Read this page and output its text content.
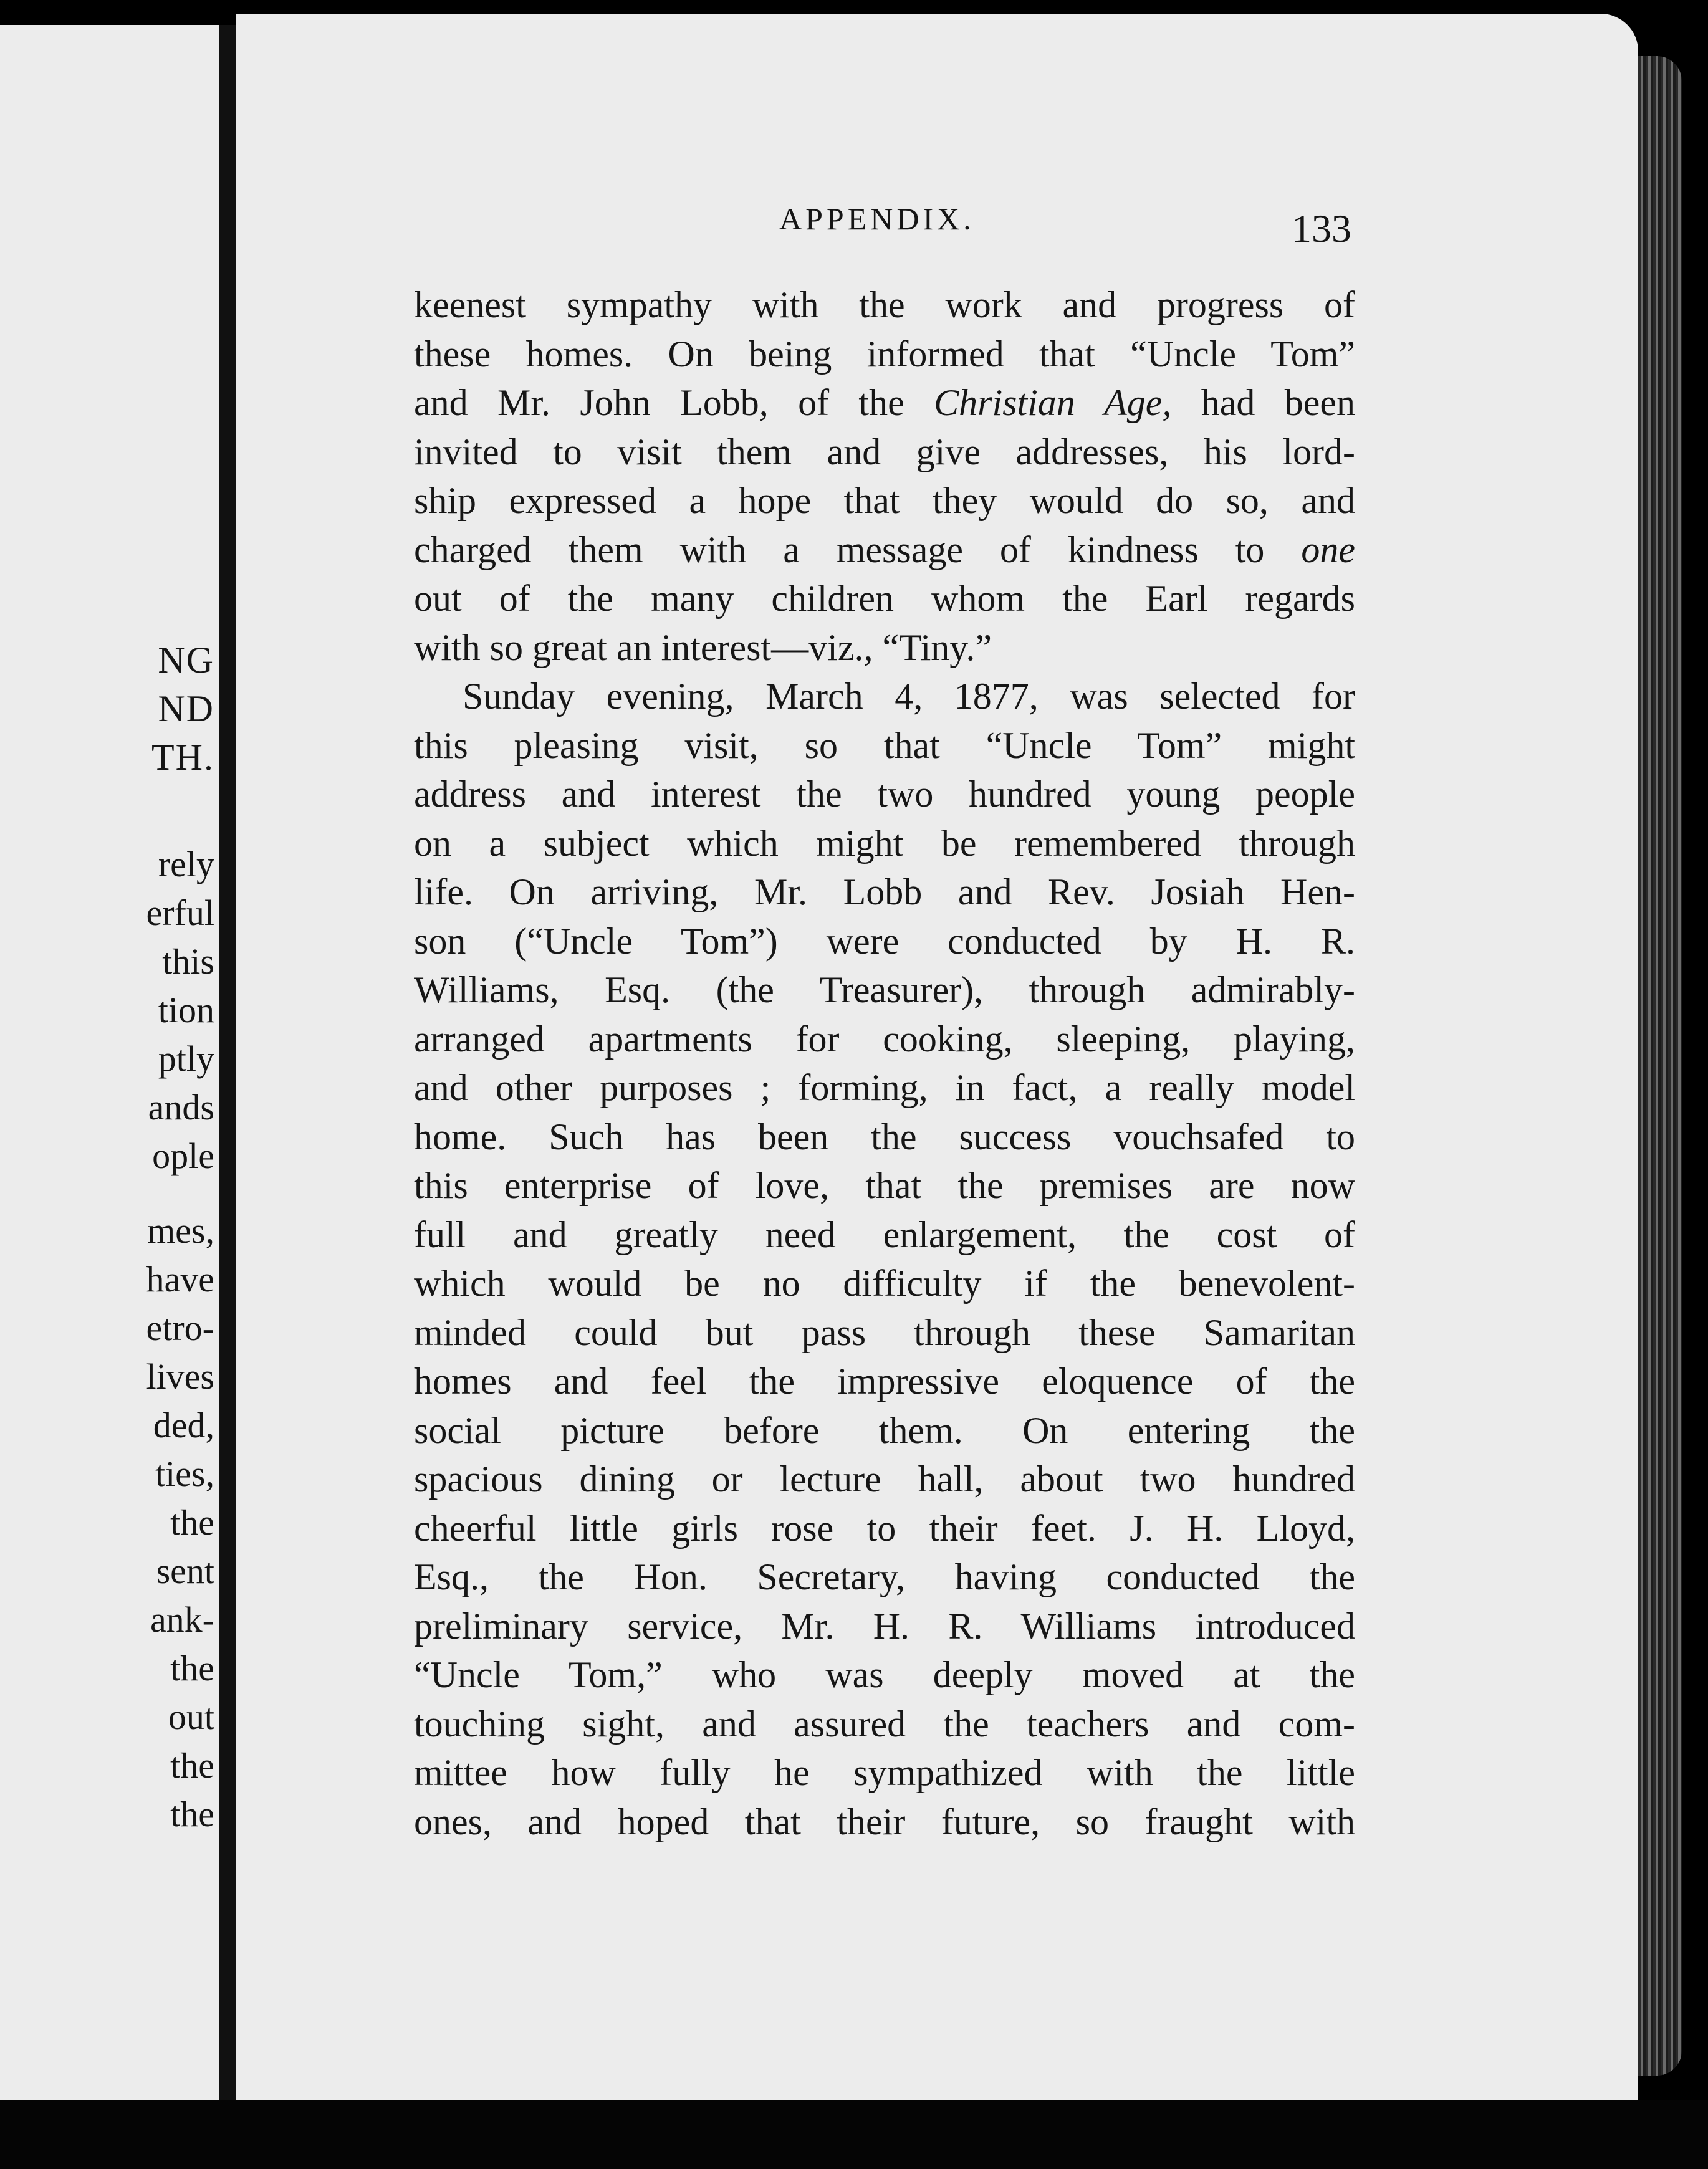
NG

ND

TH.

rely

erful

this

tion

ptly

ands

ople

mes,

have

etro-

lives

ded,

ties,

the

sent

ank-

the

out

the

the

APPENDIX.	133

keenest sympathy with the work and progress of

these homes. On being informed that “Uncle Tom”

and Mr. John Lobb, of the Christian Age, had been

invited to visit them and give addresses, his lord-

ship expressed a hope that they would do so, and

charged them with a message of kindness to one

out of the many children whom the Earl regards

with so great an interest—viz., “Tiny.”

Sunday evening, March 4, 1877, was selected for

this pleasing visit, so that “Uncle Tom” might

address and interest the two hundred young people

on a subject which might be remembered through

life. On arriving, Mr. Lobb and Rev. Josiah Hen-

son (“Uncle Tom”) were conducted by H. R.

Williams, Esq. (the Treasurer), through admirably-

arranged apartments for cooking, sleeping, playing,

and other purposes ; forming, in fact, a really model

home. Such has been the success vouchsafed to

this enterprise of love, that the premises are now

full and greatly need enlargement, the cost of

which would be no difficulty if the benevolent-

minded could but pass through these Samaritan

homes and feel the impressive eloquence of the

social picture before them. On entering the

spacious dining or lecture hall, about two hundred

cheerful little girls rose to their feet. J. H. Lloyd,

Esq., the Hon. Secretary, having conducted the

preliminary service, Mr. H. R. Williams introduced

“Uncle Tom,” who was deeply moved at the

touching sight, and assured the teachers and com-

mittee how fully he sympathized with the little

ones, and hoped that their future, so fraught with
